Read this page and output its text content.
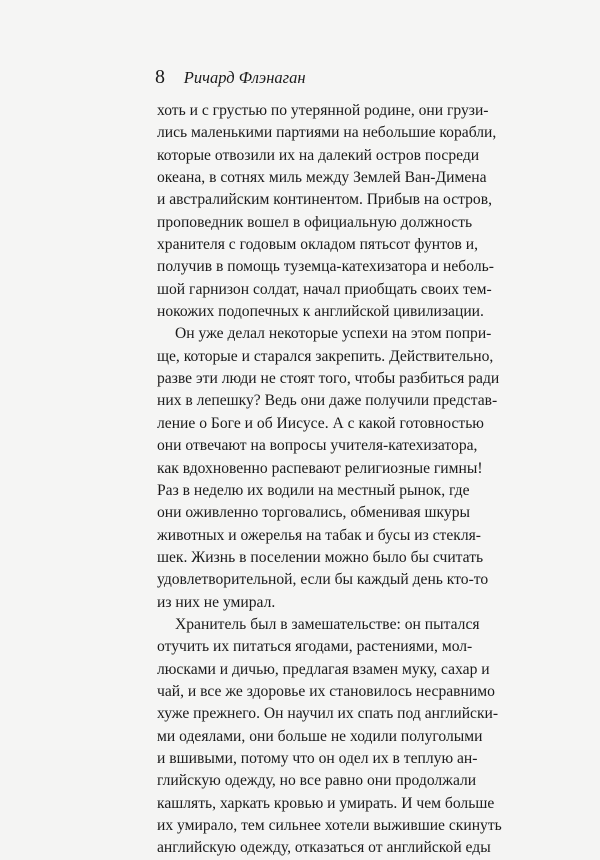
8 Ричард Флэнаган
хоть и с грустью по утерянной родине, они грузи-
лись маленькими партиями на небольшие корабли,
которые отвозили их на далекий остров посреди
океана, в сотнях миль между Землей Ван-Димена
и австралийским континентом. Прибыв на остров,
проповедник вошел в официальную должность
хранителя с годовым окладом пятьсот фунтов и,
получив в помощь туземца-катехизатора и неболь-
шой гарнизон солдат, начал приобщать своих тем-
нокожих подопечных к английской цивилизации.
Он уже делал некоторые успехи на этом попри-
ще, которые и старался закрепить. Действительно,
разве эти люди не стоят того, чтобы разбиться ради
них в лепешку? Ведь они даже получили представ-
ление о Боге и об Иисусе. А с какой готовностью
они отвечают на вопросы учителя-катехизатора,
как вдохновенно распевают религиозные гимны!
Раз в неделю их водили на местный рынок, где
они оживленно торговались, обменивая шкуры
животных и ожерелья на табак и бусы из стекля-
шек. Жизнь в поселении можно было бы считать
удовлетворительной, если бы каждый день кто-то
из них не умирал.
Хранитель был в замешательстве: он пытался
отучить их питаться ягодами, растениями, мол-
люсками и дичью, предлагая взамен муку, сахар и
чай, и все же здоровье их становилось несравнимо
хуже прежнего. Он научил их спать под английски-
ми одеялами, они больше не ходили полуголыми
и вшивыми, потому что он одел их в теплую ан-
глийскую одежду, но все равно они продолжали
кашлять, харкать кровью и умирать. И чем больше
их умирало, тем сильнее хотели выжившие скинуть
английскую одежду, отказаться от английской еды
